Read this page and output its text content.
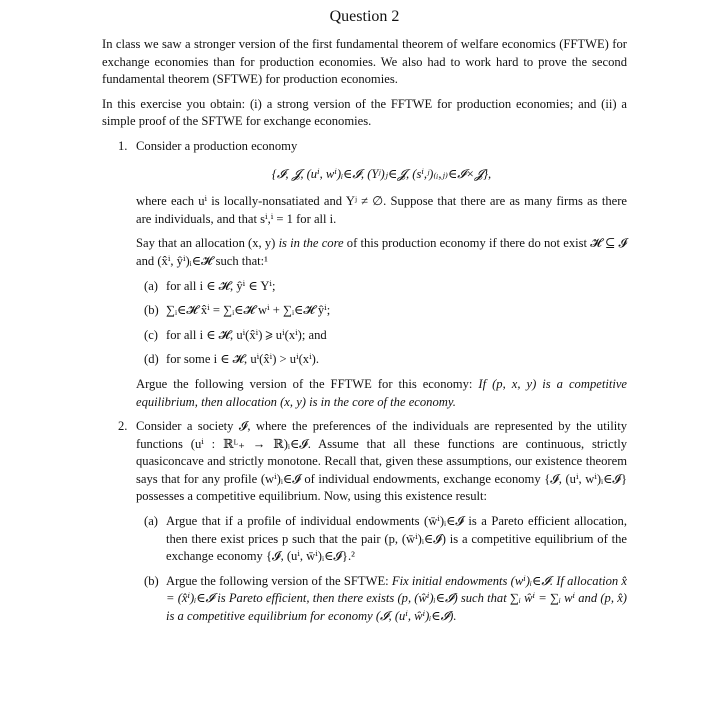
Question 2

In class we saw a stronger version of the first fundamental theorem of welfare economics (FFTWE) for exchange economies than for production economies. We also had to work hard to prove the second fundamental theorem (SFTWE) for production economies.

In this exercise you obtain: (i) a strong version of the FFTWE for production economies; and (ii) a simple proof of the SFTWE for exchange economies.

1. Consider a production economy

{𝓘, 𝓙, (uⁱ, wⁱ)ᵢ∈𝓘, (Yʲ)ⱼ∈𝓙, (sⁱ,ʲ)₍ᵢ,ⱼ₎∈𝓘×𝓙},

where each uⁱ is locally-nonsatiated and Yʲ ≠ ∅. Suppose that there are as many firms as there are individuals, and that sⁱ,ⁱ = 1 for all i.

Say that an allocation (x, y) is in the core of this production economy if there do not exist 𝓗 ⊆ 𝓘 and (x̂ⁱ, ŷⁱ)ᵢ∈𝓗 such that:¹

(a) for all i ∈ 𝓗, ŷⁱ ∈ Yⁱ;
(b) ∑ᵢ∈𝓗 x̂ⁱ = ∑ᵢ∈𝓗 wⁱ + ∑ᵢ∈𝓗 ŷⁱ;
(c) for all i ∈ 𝓗, uⁱ(x̂ⁱ) ⩾ uⁱ(xⁱ); and
(d) for some i ∈ 𝓗, uⁱ(x̂ⁱ) > uⁱ(xⁱ).

Argue the following version of the FFTWE for this economy: If (p, x, y) is a competitive equilibrium, then allocation (x, y) is in the core of the economy.

2. Consider a society 𝓘, where the preferences of the individuals are represented by the utility functions (uⁱ : ℝᴸ₊ → ℝ)ᵢ∈𝓘. Assume that all these functions are continuous, strictly quasiconcave and strictly monotone. Recall that, given these assumptions, our existence theorem says that for any profile (wⁱ)ᵢ∈𝓘 of individual endowments, exchange economy {𝓘, (uⁱ, wⁱ)ᵢ∈𝓘} possesses a competitive equilibrium. Now, using this existence result:

(a) Argue that if a profile of individual endowments (w̄ⁱ)ᵢ∈𝓘 is a Pareto efficient allocation, then there exist prices p such that the pair (p, (w̄ⁱ)ᵢ∈𝓘) is a competitive equilibrium of the exchange economy {𝓘, (uⁱ, w̄ⁱ)ᵢ∈𝓘}.²
(b) Argue the following version of the SFTWE: Fix initial endowments (wⁱ)ᵢ∈𝓘. If allocation x̂ = (x̂ⁱ)ᵢ∈𝓘 is Pareto efficient, then there exists (p, (ŵⁱ)ᵢ∈𝓘) such that ∑ᵢ ŵⁱ = ∑ᵢ wⁱ and (p, x̂) is a competitive equilibrium for economy (𝓘, (uⁱ, ŵⁱ)ᵢ∈𝓘).
